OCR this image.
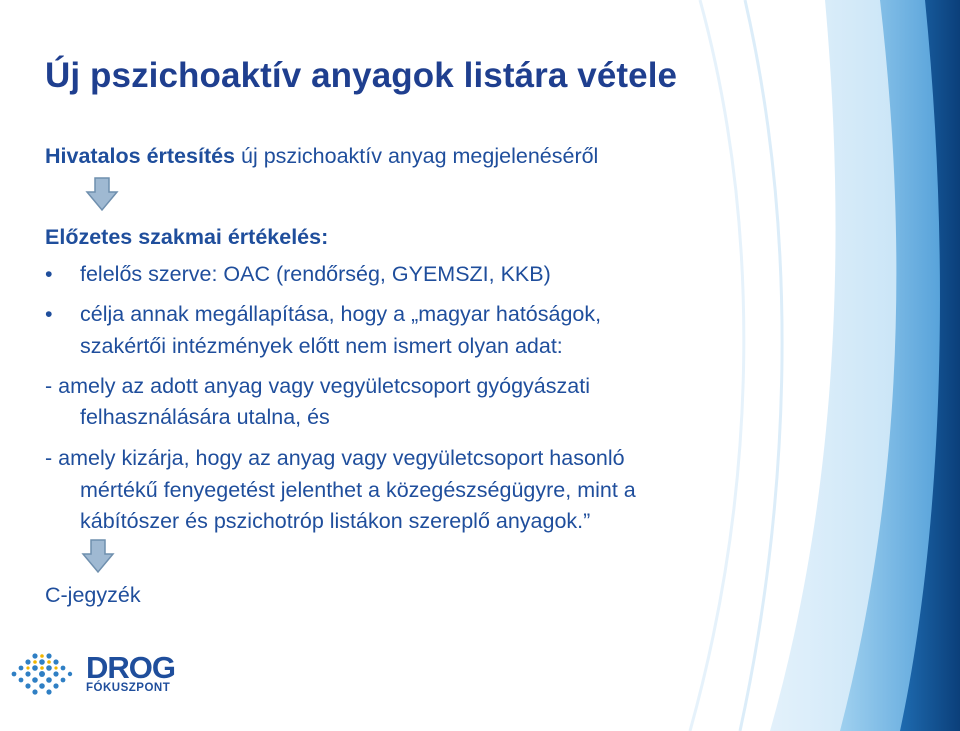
Új pszichoaktív anyagok listára vétele

Hivatalos értesítés új pszichoaktív anyag megjelenéséről

Előzetes szakmai értékelés:

• felelős szerve: OAC (rendőrség, GYEMSZI, KKB)

• célja annak megállapítása, hogy a „magyar hatóságok,

szakértői intézmények előtt nem ismert olyan adat:

- amely az adott anyag vagy vegyületcsoport gyógyászati

felhasználására utalna, és

- amely kizárja, hogy az anyag vagy vegyületcsoport hasonló

mértékű fenyegetést jelenthet a közegészségügyre, mint a

kábítószer és pszichotróp listákon szereplő anyagok.”

C-jegyzék

DROG
FÓKUSZPONT
